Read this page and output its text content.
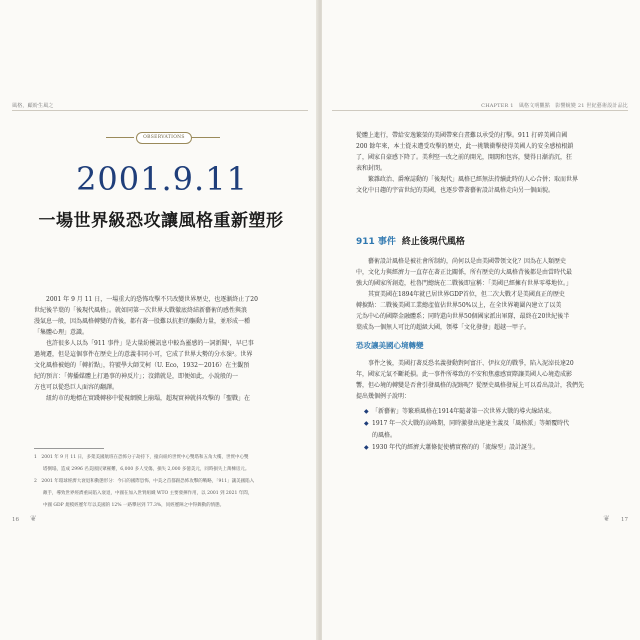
風格，顧盼生風之	CHAPTER 1　風格文明觀點　影響蛻變 21 世紀藝術設計品比
OBSERVATIONS
2001.9.11
一場世界級恐攻讓風格重新塑形

2001 年 9 月 11 日，一場重大的恐怖攻擊不只改變世界歷史，也逐漸終止了20

世紀後半葉的「後現代風格」。就如同第一次世界大戰徹底終結新藝術的感性與浪

漫氣息一般，因為風格轉變的背後，都有著一股難以抗拒的驅動力量，並形成一種

「集體心理」意識。

也許很多人以為「911 事件」是大量紛擾訊息中較為靈感的一詞新聞¹，早已事

過境遷，但是這個事件在歷史上的意義非同小可，它成了世界大勢的分水嶺²。世界

文化風格被她的「轉折點」，符號學大師艾柯（U. Eco，1932～2016）在主觀預

紀的預言：「傳播媒體上打過事的神反片」；沒錯就是，即便如此，小說般的一

方也可以從恐巨人面容的翻譯。

紐約市的地標在實踐轉移中從視網膜上崩塌，超現實神就抖攻擊的「聖戰」在

1　2001 年 9 月 11 日，多架美國航班在恐怖分子劫持下，撞向紐約世貿中心雙塔和五角大樓，世貿中心雙
　　塔倒塌，造成 2996 名美國民眾罹難，6,000 多人受傷，損失 2,000 多億美元，同時損失上萬棟房元。
2　2001 年環球經濟大衰退和動態形分：今日的國際恐怖，中美之首都跟恐怖攻擊的戰略，「911」讓美國陷入
　　敵手，導致世界經濟重局陷入衰退，中國在加入世貿組織 WTO 主要發揮作用，以 2001 到 2021 年間，
　　中國 GDP 規模經歷年年以美國的 12% 一路攀居到 77.3%，同經歷陣之中得舞動的情態。
❦
16	❦ 17

從體上進行，帶給安逸繁榮的美國帶來白晝難以承受的打擊。911 打碎美國自國

200 餘年來，本土從未遭受攻擊的歷史，此一挑戰衝擊使得美國人的安全感植根鎖

了，國家自豪感下降了。美利堅一改之前的開光，開闊和包容，變得日漸消沉，狂

表和封閉。

繁雜政治、爵療誌動的「後現代」風格已經無法持續此時的人心合併；取而世界

文化中日趨的宇宙世紀的美國，也逐步帶著藝術設計風格走向另一個面貌。

911 事件 終止後現代風格

藝術設計風格是被社會所制約，尚何以是由美國帶領文化？因為在人類歷史

中，文化力與經濟力一直存在著正比關係，所有歷史的大風格背後都是由當時代最

強大的國家所創造，杜魯門總統在二戰後即宣稱：「美國已經擁有世界零導地位。」

其實美國在1894年就已居世界GDP首位，但二次大戰才是美國真正的歷史

轉捩點：二戰後美國工業總產值佔世界50%以上，在全世界範圍內建立了以美

元為中心的國際金融體系；同時還向世界50個國家派出軍隊，最終在20世紀後半

葉成為一個無人可比的超級大國，領導「文化發發」超越一甲子。

恐攻讓美國心境轉變

事件之後，美國打著反恐名義發動對阿富汗、伊拉克的戰爭，陷入泥淖長達20

年，國家元氣不斷耗損。此一事件所導致的不安和焦慮感實際讓美國人心境造成影

響，但心境的轉變是否會引發風格的泥跡呢？從歷史風格發展上可以看出設計，我們先

提出幾個例子說明：

◆ 「新藝術」等繁瑣風格在1914年隨著第一次世界大戰的導火線結束。
◆ 1917 年一次大戰的高峰期，同時激發出達達主義及「風格派」等顛覆時代
的風格。
◆ 1930 年代的經濟大蕭條促使構實務的的「流線型」設計誕生。
